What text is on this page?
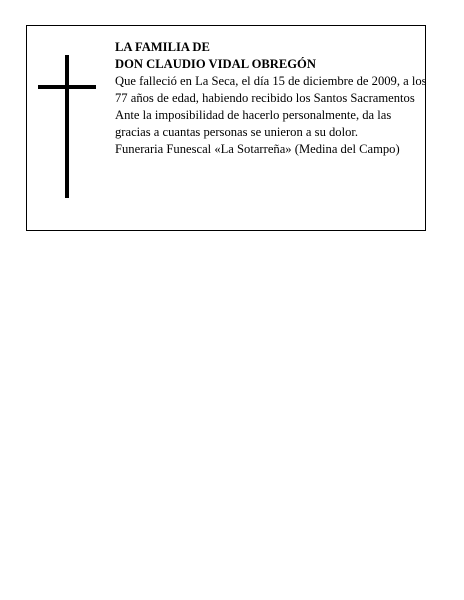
LA FAMILIA DE
DON CLAUDIO VIDAL OBREGÓN

Que falleció en La Seca, el día 15 de diciembre de 2009, a los 77 años de edad, habiendo recibido los Santos Sacramentos

Ante la imposibilidad de hacerlo personalmente, da las gracias a cuantas personas se unieron a su dolor.

Funeraria Funescal «La Sotarreña» (Medina del Campo)
